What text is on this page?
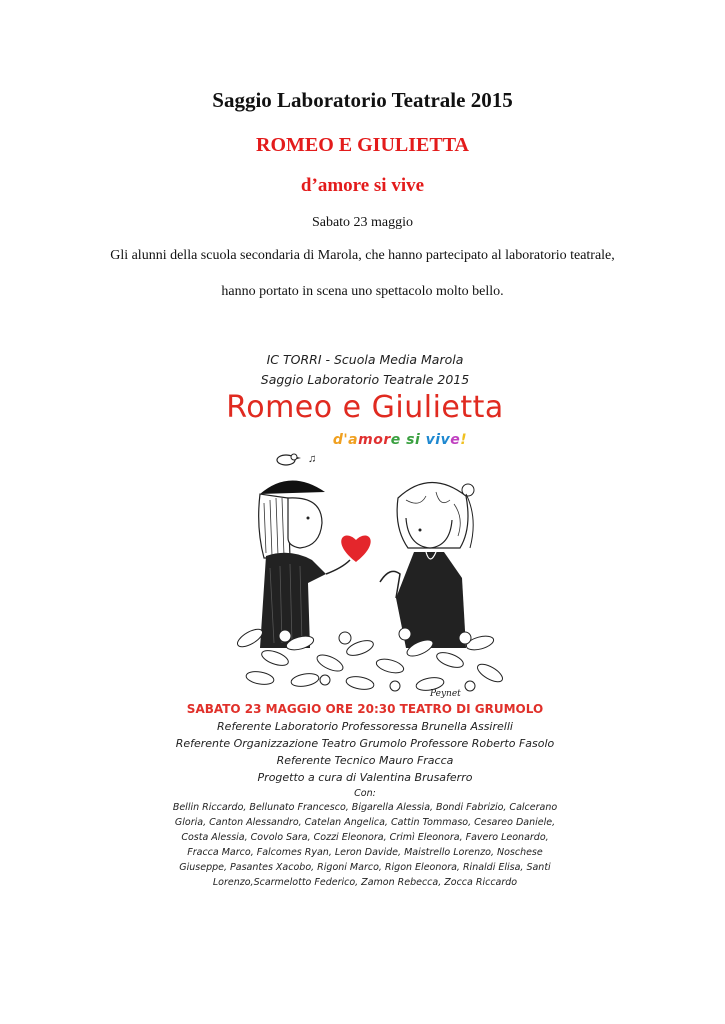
Saggio Laboratorio Teatrale 2015
ROMEO E GIULIETTA
d’amore si vive
Sabato 23 maggio
Gli alunni della scuola secondaria di Marola, che hanno partecipato al laboratorio teatrale,
hanno portato in scena uno spettacolo molto bello.
IC TORRI - Scuola Media Marola
Saggio Laboratorio Teatrale 2015
Romeo e Giulietta
d'amore si vive!
♫
Peynet
SABATO 23 MAGGIO ORE 20:30 TEATRO DI GRUMOLO
Referente Laboratorio Professoressa Brunella Assirelli
Referente Organizzazione Teatro Grumolo Professore Roberto Fasolo
Referente Tecnico Mauro Fracca
Progetto a cura di Valentina Brusaferro
Con:
Bellin Riccardo, Bellunato Francesco, Bigarella Alessia, Bondi Fabrizio, Calcerano Gloria, Canton Alessandro, Catelan Angelica, Cattin Tommaso, Cesareo Daniele, Costa Alessia, Covolo Sara, Cozzi Eleonora, Crimì Eleonora, Favero Leonardo, Fracca Marco, Falcomes Ryan, Leron Davide, Maistrello Lorenzo, Noschese Giuseppe, Pasantes Xacobo, Rigoni Marco, Rigon Eleonora, Rinaldi Elisa, Santi Lorenzo,Scarmelotto Federico, Zamon Rebecca, Zocca Riccardo
